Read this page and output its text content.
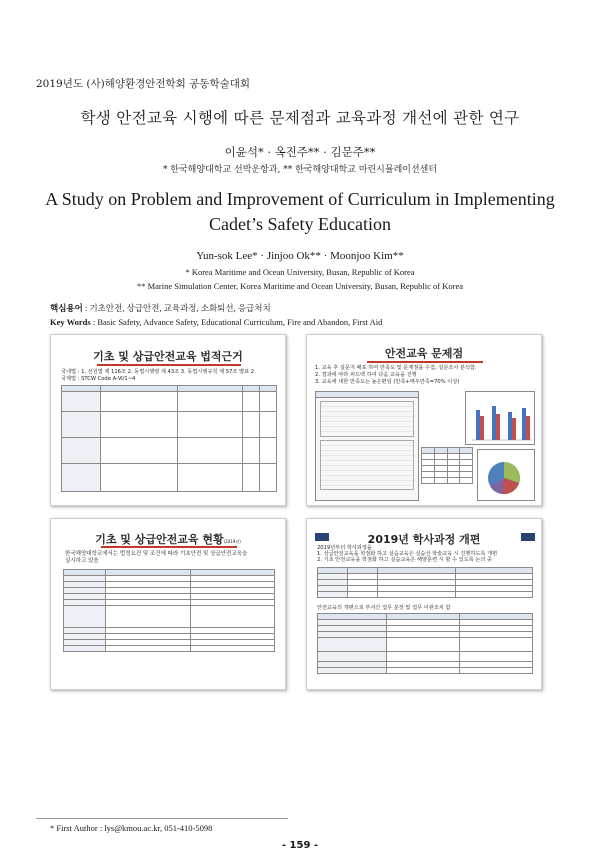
2019년도 (사)해양환경안전학회 공동학술대회
학생 안전교육 시행에 따른 문제점과 교육과정 개선에 관한 연구
이윤석* · 옥진주** · 김문주**
* 한국해양대학교 선박운항과, ** 한국해양대학교 마린시뮬레이션센터
A Study on Problem and Improvement of Curriculum in Implementing
Cadet’s Safety Education
Yun-sok Lee* · Jinjoo Ok** · Moonjoo Kim**
* Korea Maritime and Ocean University, Busan, Republic of Korea
** Marine Simulation Center, Korea Maritime and Ocean University, Busan, Republic of Korea
핵심용어 : 기초안전, 상급안전, 교육과정, 소화퇴선, 응급처치
Key Words : Basic Safety, Advance Safety, Educational Curriculum, Fire and Abandon, First Aid
기초 및 상급안전교육 법적근거
국내법 : 1. 선원법 제 116조 2. 동법시행령 제 43조 3. 동법시행규칙 제 57조 별표 2
국제법 : STCW Code A-Ⅵ/1~4

안전교육 문제점
1. 교육 후 설문지 배포 하여 만족도 및 문제점을 수집, 설문조사 분석함.
2. 결과에 따라 피드백 하여 다음 교육을 진행
3. 교육에 대한 만족도는 높은편임 (만족+매우만족=70% 이상)

기초 및 상급안전교육 현황(2019년)
한국해양대학교에서는 법정요건 및 조건에 따라 기초안전 및 상급안전교육을
실시하고 있음

2019년 학사과정 개편
2019년부터 학사과정을
1. 상급안전교육을 학점화 하고 실습교육은 실습선 학술교육 시 진행하도록 개편
2. 기초 안전교육을 학점화 하고 실습교육은 해양훈련 시 할 수 있도록 논의 중

안전교육의 개편으로 부서간 업무 분장 및 업무 이관조치 함

* First Author : lys@kmou.ac.kr, 051-410-5098
- 159 -
